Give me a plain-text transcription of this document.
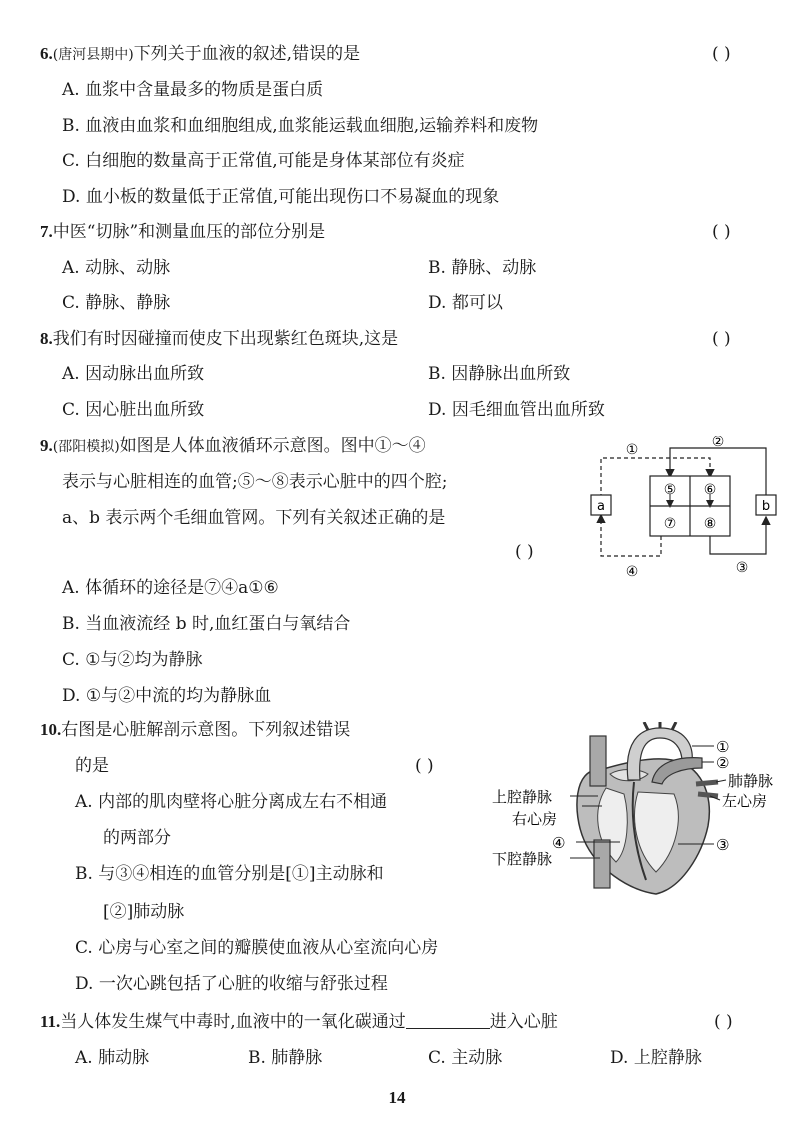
6.(唐河县期中)下列关于血液的叙述,错误的是	( )
A. 血浆中含量最多的物质是蛋白质
B. 血液由血浆和血细胞组成,血浆能运载血细胞,运输养料和废物
C. 白细胞的数量高于正常值,可能是身体某部位有炎症
D. 血小板的数量低于正常值,可能出现伤口不易凝血的现象
7.中医“切脉”和测量血压的部位分别是	( )
A. 动脉、动脉	B. 静脉、动脉
C. 静脉、静脉	D. 都可以
8.我们有时因碰撞而使皮下出现紫红色斑块,这是	( )
A. 因动脉出血所致	B. 因静脉出血所致
C. 因心脏出血所致	D. 因毛细血管出血所致
9.(邵阳模拟)如图是人体血液循环示意图。图中①～④
表示与心脏相连的血管;⑤～⑧表示心脏中的四个腔;
a、b 表示两个毛细血管网。下列有关叙述正确的是
( )
A. 体循环的途径是⑦④a①⑥
B. 当血液流经 b 时,血红蛋白与氧结合
C. ①与②均为静脉
D. ①与②中流的均为静脉血
a	b
⑤ ⑥
⑦ ⑧
①	②
③
④
10.右图是心脏解剖示意图。下列叙述错误
的是	( )
A. 内部的肌肉壁将心脏分离成左右不相通
的两部分
B. 与③④相连的血管分别是[①]主动脉和
[②]肺动脉
C. 心房与心室之间的瓣膜使血液从心室流向心房
D. 一次心跳包括了心脏的收缩与舒张过程
①
②
肺静脉
左心房
③
上腔静脉
右心房
④
下腔静脉
11.当人体发生煤气中毒时,血液中的一氧化碳通过	进入心脏	( )
A. 肺动脉	B. 肺静脉	C. 主动脉	D. 上腔静脉
14
